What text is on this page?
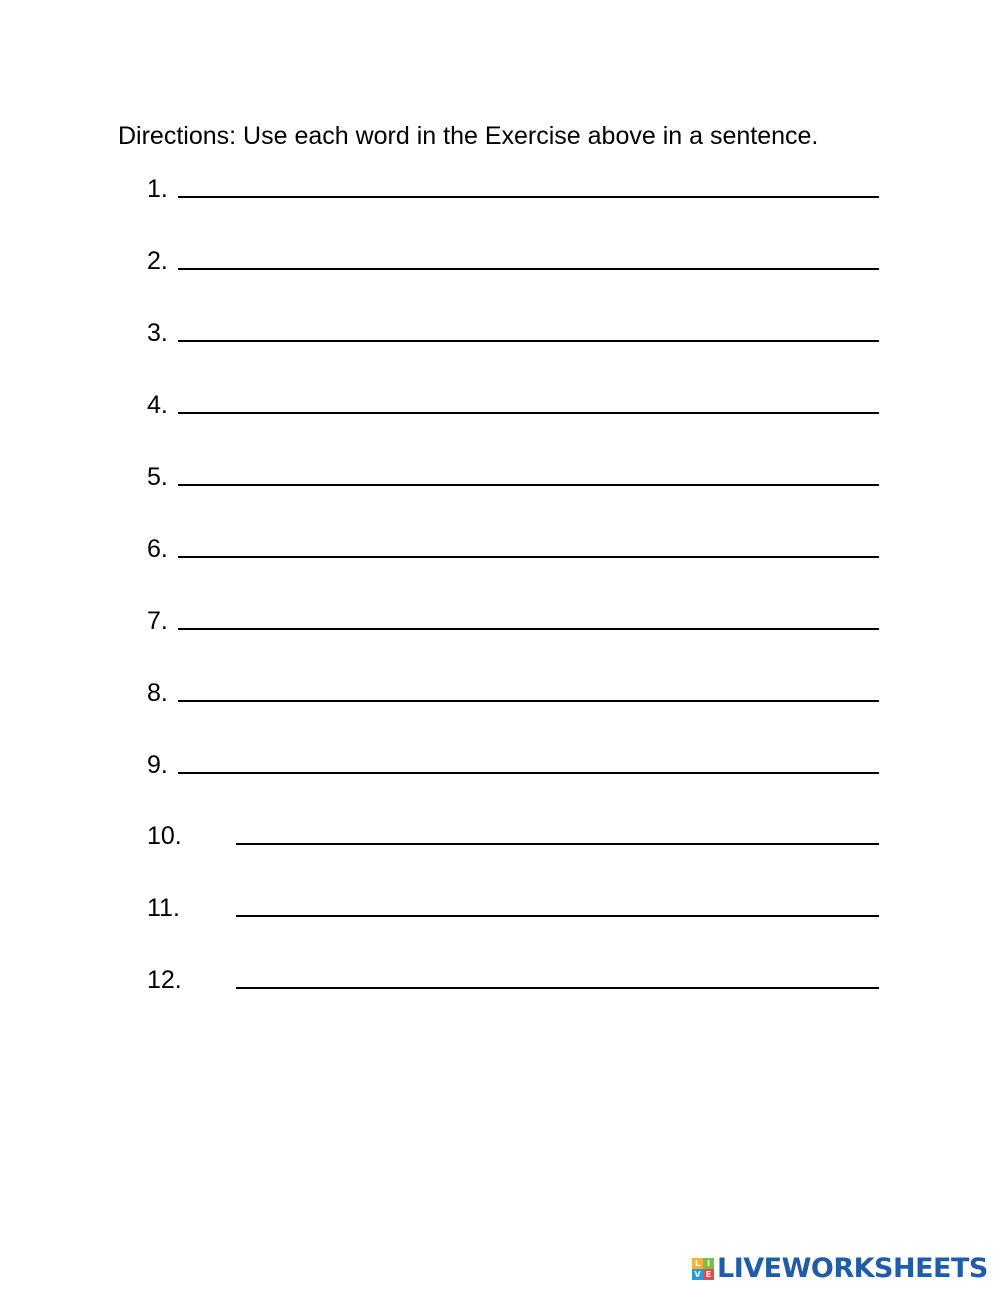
Directions: Use each word in the Exercise above in a sentence.
1.
2.
3.
4.
5.
6.
7.
8.
9.
10.
11.
12.
L I
V E LIVEWORKSHEETS
